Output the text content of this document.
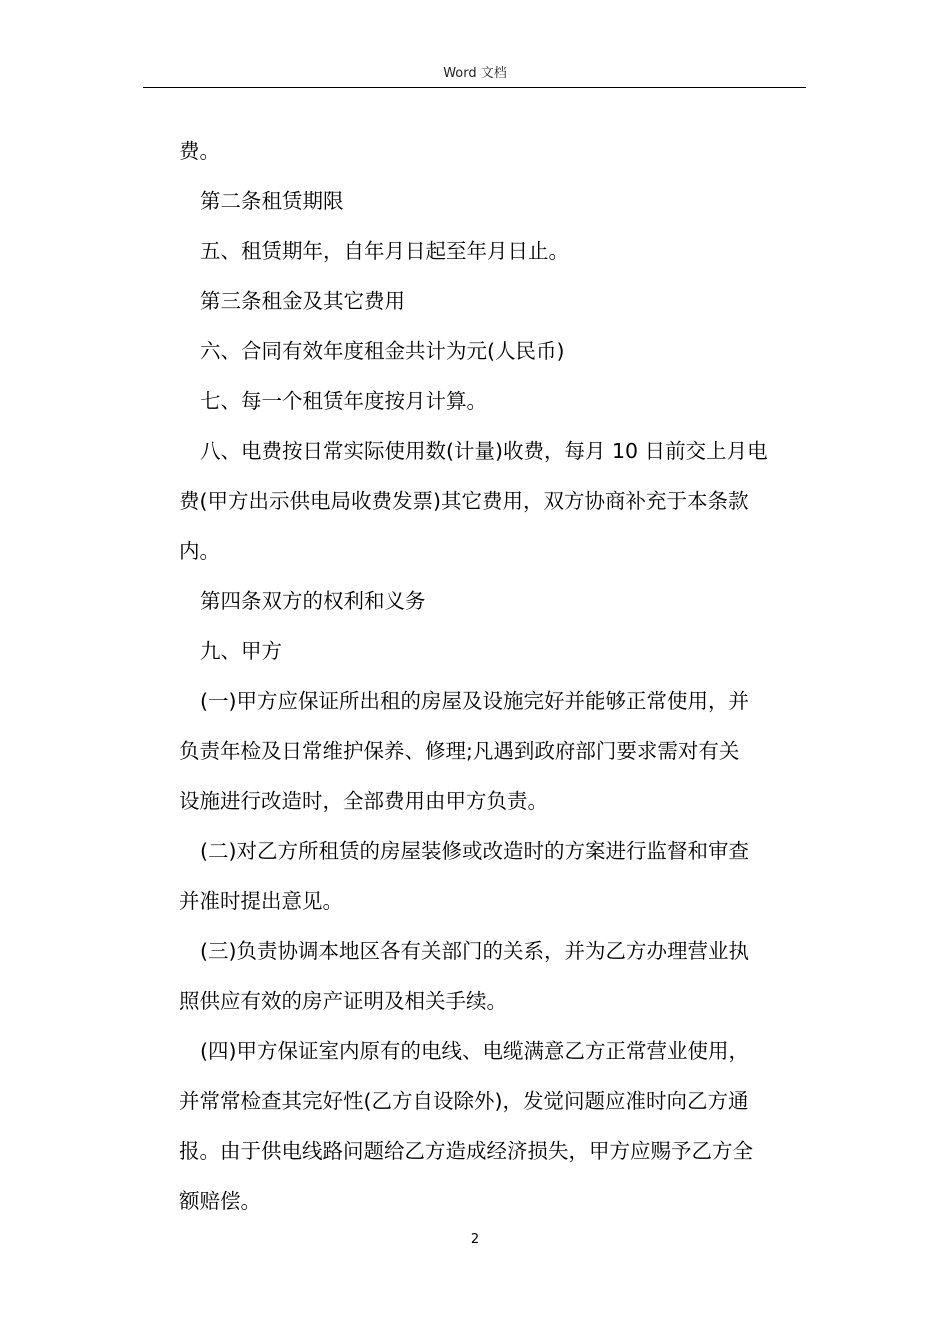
Word 文档

费。

第二条租赁期限

五、租赁期年，自年月日起至年月日止。

第三条租金及其它费用

六、合同有效年度租金共计为元(人民币)

七、每一个租赁年度按月计算。

八、电费按日常实际使用数(计量)收费，每月 10 日前交上月电

费(甲方出示供电局收费发票)其它费用，双方协商补充于本条款

内。

第四条双方的权利和义务

九、甲方

(一)甲方应保证所出租的房屋及设施完好并能够正常使用，并

负责年检及日常维护保养、修理;凡遇到政府部门要求需对有关

设施进行改造时，全部费用由甲方负责。

(二)对乙方所租赁的房屋装修或改造时的方案进行监督和审查

并准时提出意见。

(三)负责协调本地区各有关部门的关系，并为乙方办理营业执

照供应有效的房产证明及相关手续。

(四)甲方保证室内原有的电线、电缆满意乙方正常营业使用，

并常常检查其完好性(乙方自设除外)，发觉问题应准时向乙方通

报。由于供电线路问题给乙方造成经济损失，甲方应赐予乙方全

额赔偿。

2
